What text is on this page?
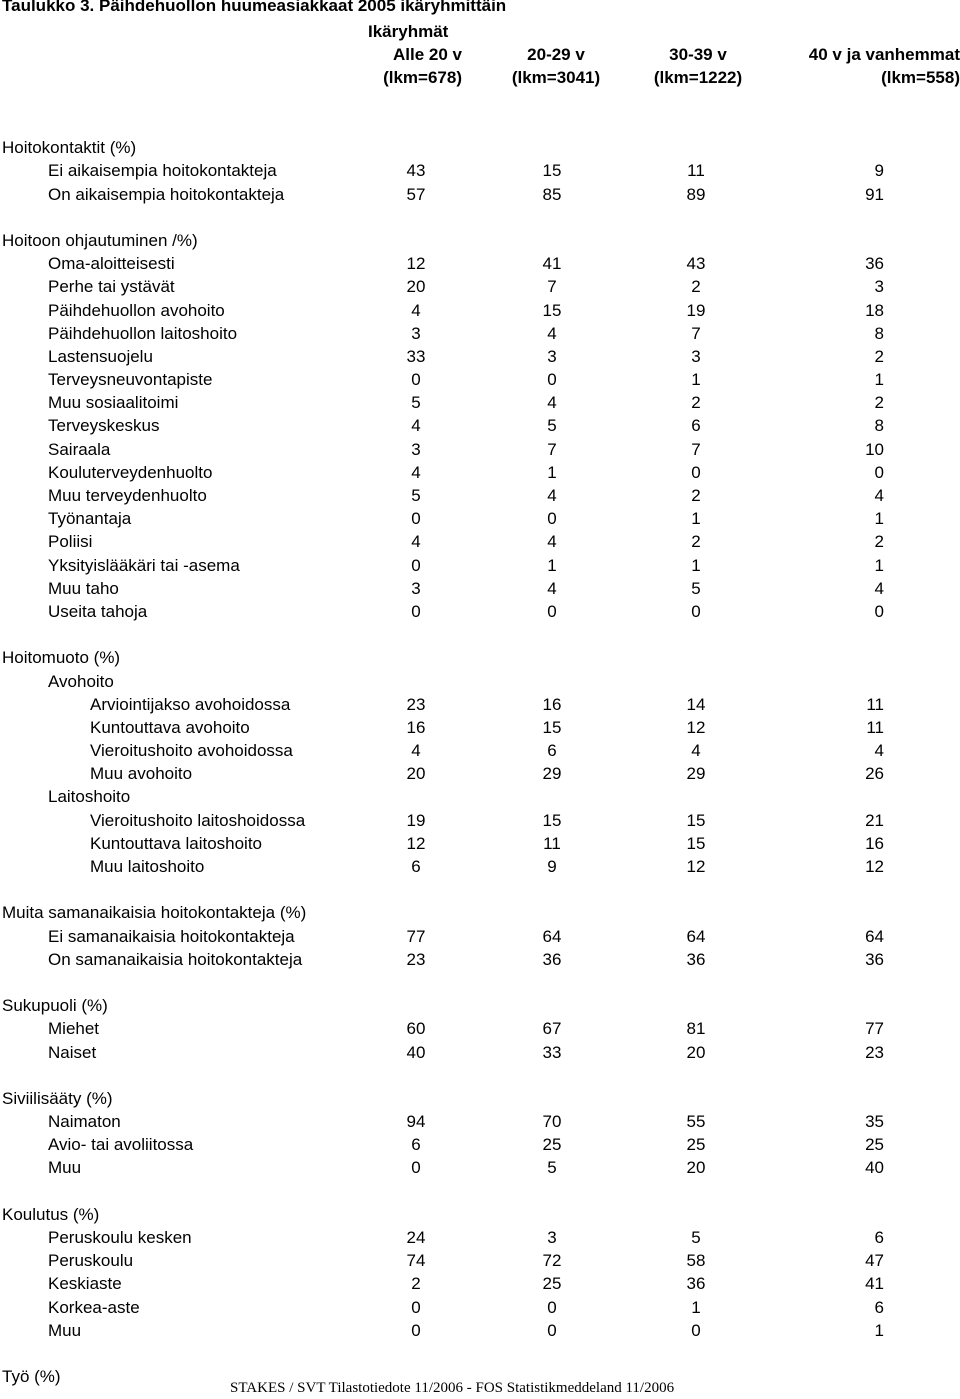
Taulukko 3. Päihdehuollon huumeasiakkaat 2005 ikäryhmittäin
Ikäryhmät
Alle 20 v
(lkm=678)
20-29 v
(lkm=3041)
30-39 v
(lkm=1222)
40 v ja vanhemmat
(lkm=558)
Hoitokontaktit (%)
Ei aikaisempia hoitokontakteja	43	15	11	9
On aikaisempia hoitokontakteja	57	85	89	91
Hoitoon ohjautuminen /%)
Oma-aloitteisesti	12	41	43	36
Perhe tai ystävät	20	7	2	3
Päihdehuollon avohoito	4	15	19	18
Päihdehuollon laitoshoito	3	4	7	8
Lastensuojelu	33	3	3	2
Terveysneuvontapiste	0	0	1	1
Muu sosiaalitoimi	5	4	2	2
Terveyskeskus	4	5	6	8
Sairaala	3	7	7	10
Kouluterveydenhuolto	4	1	0	0
Muu terveydenhuolto	5	4	2	4
Työnantaja	0	0	1	1
Poliisi	4	4	2	2
Yksityislääkäri tai -asema	0	1	1	1
Muu taho	3	4	5	4
Useita tahoja	0	0	0	0
Hoitomuoto (%)
Avohoito
Arviointijakso avohoidossa	23	16	14	11
Kuntouttava avohoito	16	15	12	11
Vieroitushoito avohoidossa	4	6	4	4
Muu avohoito	20	29	29	26
Laitoshoito
Vieroitushoito laitoshoidossa	19	15	15	21
Kuntouttava laitoshoito	12	11	15	16
Muu laitoshoito	6	9	12	12
Muita samanaikaisia hoitokontakteja (%)
Ei samanaikaisia hoitokontakteja	77	64	64	64
On samanaikaisia hoitokontakteja	23	36	36	36
Sukupuoli (%)
Miehet	60	67	81	77
Naiset	40	33	20	23
Siviilisääty (%)
Naimaton	94	70	55	35
Avio- tai avoliitossa	6	25	25	25
Muu	0	5	20	40
Koulutus (%)
Peruskoulu kesken	24	3	5	6
Peruskoulu	74	72	58	47
Keskiaste	2	25	36	41
Korkea-aste	0	0	1	6
Muu	0	0	0	1
Työ (%)
STAKES / SVT Tilastotiedote 11/2006 - FOS Statistikmeddeland 11/2006
